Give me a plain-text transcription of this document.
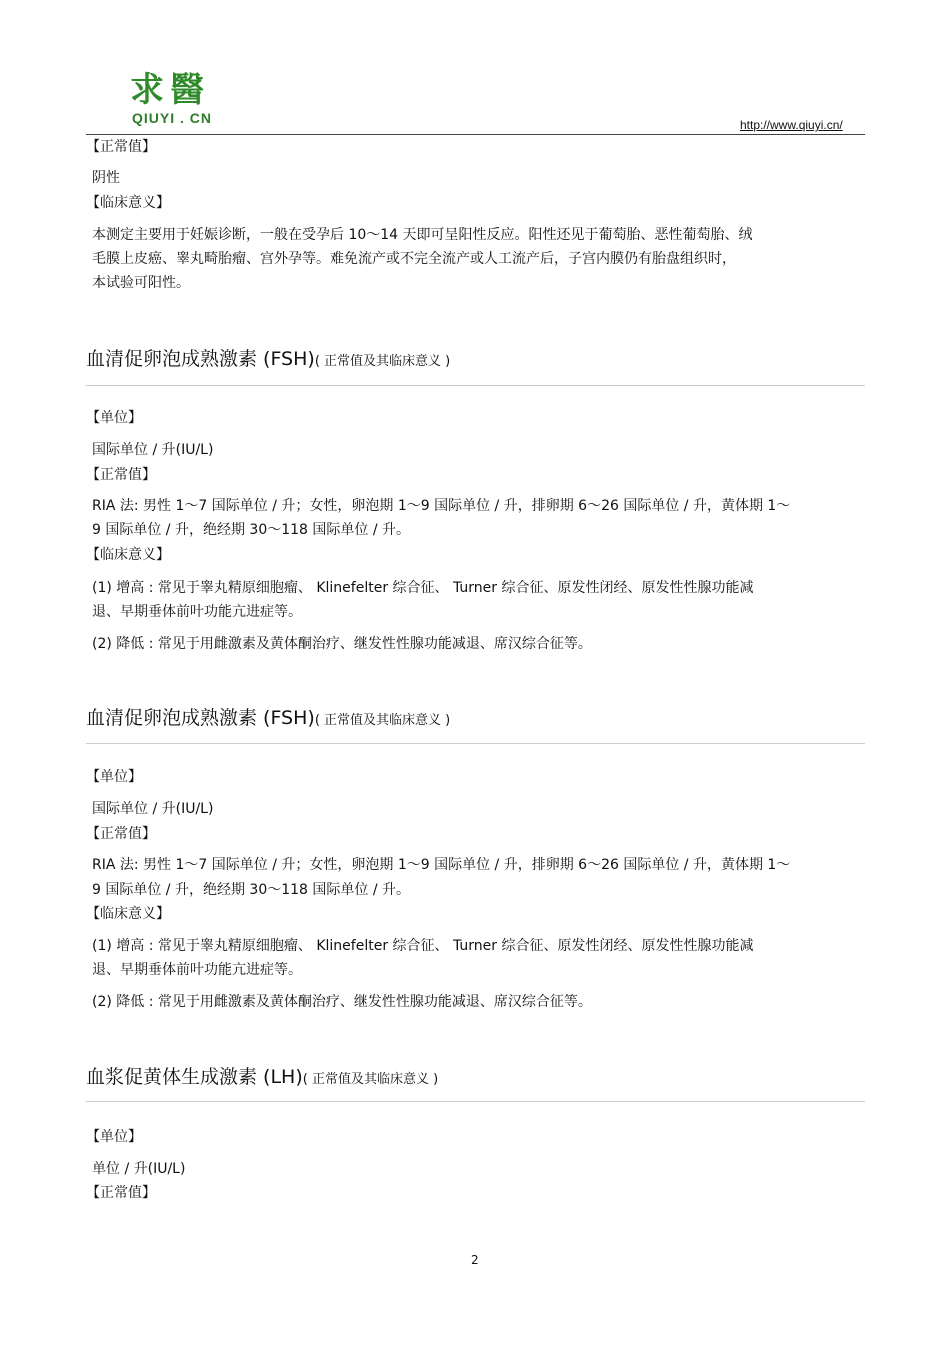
求醫
QIUYI . CN	http://www.qiuyi.cn/
【正常值】
阴性
【临床意义】
本测定主要用于妊娠诊断，一般在受孕后 10～14 天即可呈阳性反应。阳性还见于葡萄胎、恶性葡萄胎、绒
毛膜上皮癌、睾丸畸胎瘤、宫外孕等。难免流产或不完全流产或人工流产后，子宫内膜仍有胎盘组织时，
本试验可阳性。
血清促卵泡成熟激素 (FSH)( 正常值及其临床意义 )
【单位】
国际单位 / 升(IU/L)
【正常值】
RIA 法: 男性 1～7 国际单位 / 升；女性，卵泡期 1～9 国际单位 / 升，排卵期 6～26 国际单位 / 升，黄体期 1～
9 国际单位 / 升，绝经期 30～118 国际单位 / 升。
【临床意义】
(1) 增高 : 常见于睾丸精原细胞瘤、 Klinefelter 综合征、 Turner 综合征、原发性闭经、原发性性腺功能减
退、早期垂体前叶功能亢进症等。
(2) 降低 : 常见于用雌激素及黄体酮治疗、继发性性腺功能减退、席汉综合征等。
血清促卵泡成熟激素 (FSH)( 正常值及其临床意义 )
【单位】
国际单位 / 升(IU/L)
【正常值】
RIA 法: 男性 1～7 国际单位 / 升；女性，卵泡期 1～9 国际单位 / 升，排卵期 6～26 国际单位 / 升，黄体期 1～
9 国际单位 / 升，绝经期 30～118 国际单位 / 升。
【临床意义】
(1) 增高 : 常见于睾丸精原细胞瘤、 Klinefelter 综合征、 Turner 综合征、原发性闭经、原发性性腺功能减
退、早期垂体前叶功能亢进症等。
(2) 降低 : 常见于用雌激素及黄体酮治疗、继发性性腺功能减退、席汉综合征等。
血浆促黄体生成激素 (LH)( 正常值及其临床意义 )
【单位】
单位 / 升(IU/L)
【正常值】
2
